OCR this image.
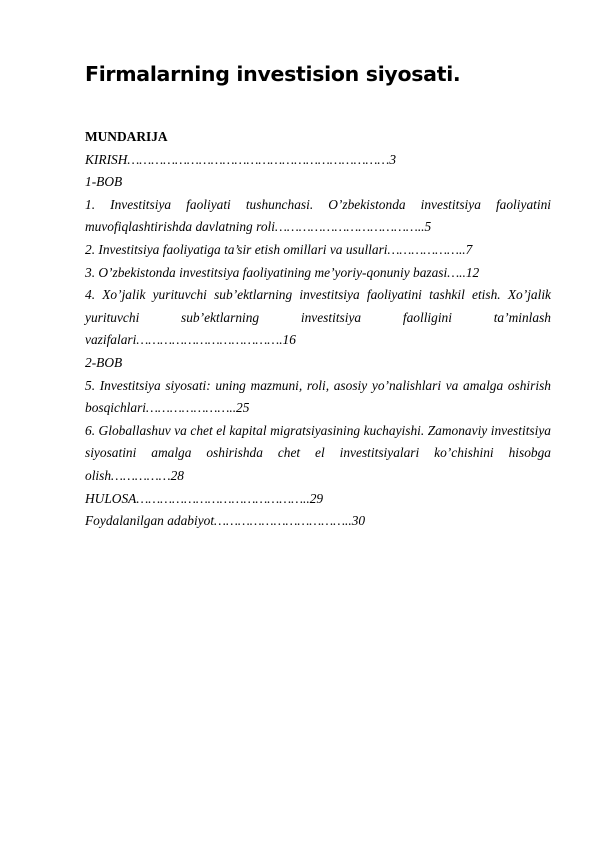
Firmalarning investision siyosati.
MUNDARIJA
KIRISH…………………………………………………………3
1-BOB
1. Investitsiya faoliyati tushunchasi. O’zbekistonda investitsiya faoliyatini muvofiqlashtirishda davlatning roli………………………………..5
2. Investitsiya faoliyatiga ta’sir etish omillari va usullari………………..7
3. O’zbekistonda investitsiya faoliyatining me’yoriy-qonuniy bazasi…..12
4. Xo’jalik yurituvchi sub’ektlarning investitsiya faoliyatini tashkil etish. Xo’jalik yurituvchi sub’ektlarning investitsiya faolligini ta’minlash vazifalari……………………………….16
2-BOB
5. Investitsiya siyosati: uning mazmuni, roli, asosiy yo’nalishlari va amalga oshirish bosqichlari…………………..25
6. Globallashuv va chet el kapital migratsiyasining kuchayishi. Zamonaviy investitsiya siyosatini amalga oshirishda chet el investitsiyalari ko’chishini hisobga olish……………28
HULOSA……………………………………..29
Foydalanilgan adabiyot……………………………..30
